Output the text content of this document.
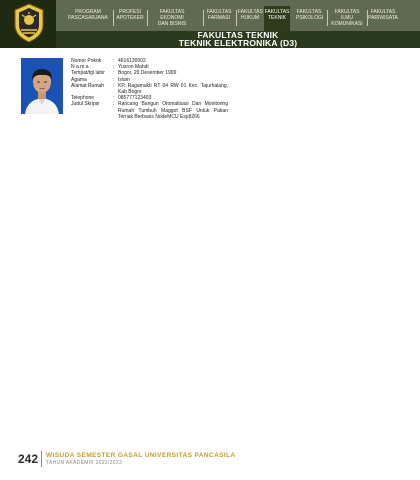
PROGRAM
PASCASARJANA
PROFESI
APOTEKER
FAKULTAS EKONOMI
DAN BISNIS
FAKULTAS
FARMASI
FAKULTAS
HUKUM
FAKULTAS
TEKNIK
FAKULTAS
PSIKOLOGI
FAKULTAS ILMU
KOMUNIKASI
FAKULTAS
PARIWISATA
FAKULTAS TEKNIK
TEKNIK ELEKTRONIKA (D3)
Nomor Pokok	: 4616130002
N a m a	: Yusron Mahdi
Tempat/tgl lahir	: Bogor, 29 Desember 1999
Agama	: Islam
Alamat Rumah	: KP. Ragamukti RT 04 RW 01 Kec. Tajurhalang, Kab Bogor
Telephone	: 085777123493
Judul Skripsi	: Rancang Bangun Otomatisasi Dan Monitoring Rumah Tumbuh Maggot BSF Untuk Pakan Ternak Berbasis NodeMCU Esp8266
242 WISUDA SEMESTER GASAL UNIVERSITAS PANCASILA
TAHUN AKADEMIK 2022/2023
